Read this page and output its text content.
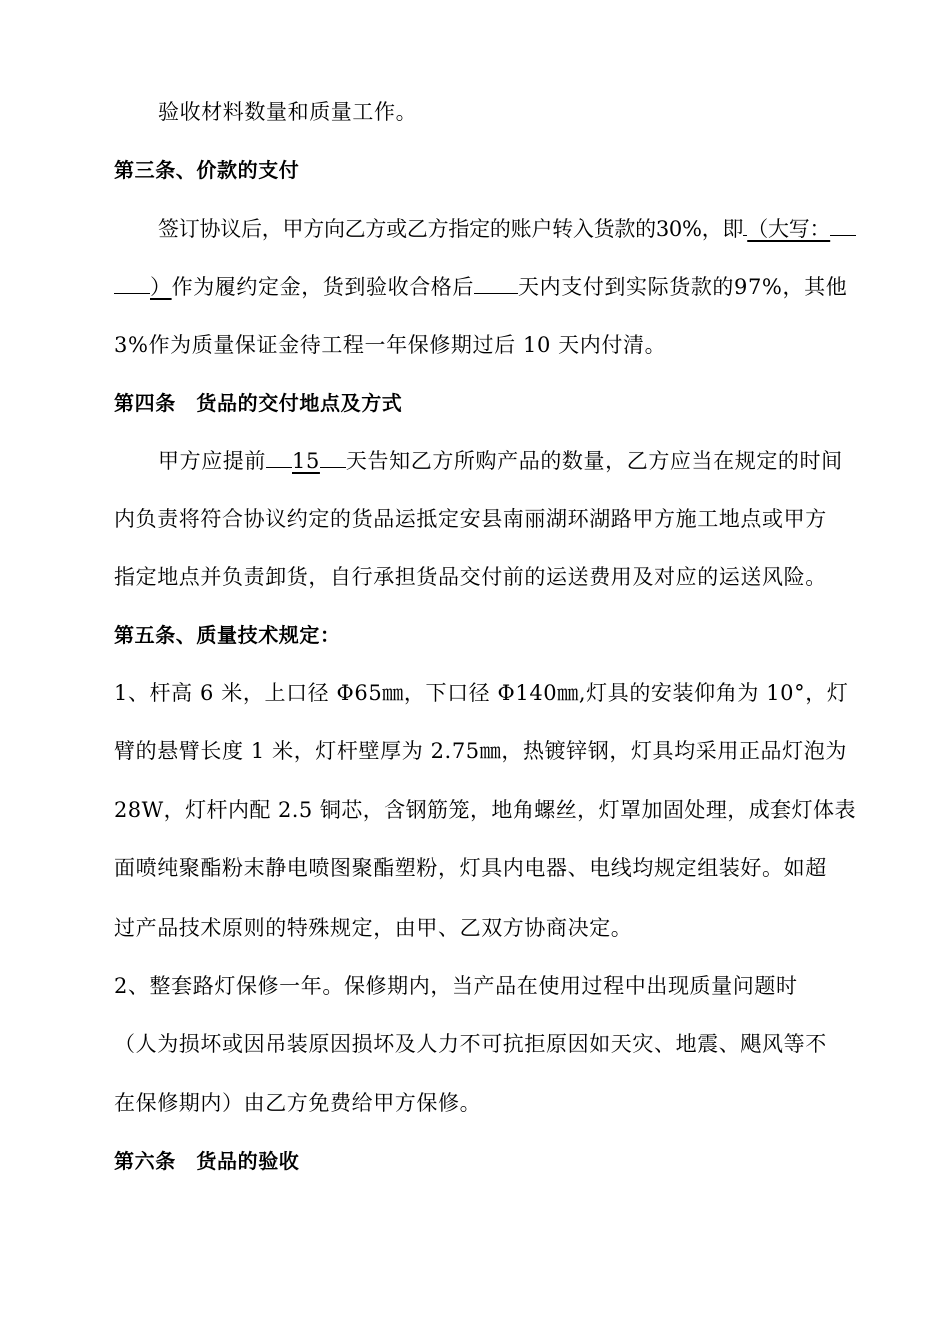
验收材料数量和质量工作。
第三条、价款的支付
签订协议后，甲方向乙方或乙方指定的账户转入货款的30%，即 （大写：
）作为履约定金，货到验收合格后 天内支付到实际货款的97%，其他
3%作为质量保证金待工程一年保修期过后 10 天内付清。
第四条　货品的交付地点及方式
甲方应提前 15 天告知乙方所购产品的数量，乙方应当在规定的时间
内负责将符合协议约定的货品运抵定安县南丽湖环湖路甲方施工地点或甲方
指定地点并负责卸货，自行承担货品交付前的运送费用及对应的运送风险。
第五条、质量技术规定：
1、杆高 6 米，上口径 Φ65㎜，下口径 Φ140㎜,灯具的安装仰角为 10°，灯
臂的悬臂长度 1 米，灯杆壁厚为 2.75㎜，热镀锌钢，灯具均采用正品灯泡为
28W，灯杆内配 2.5 铜芯，含钢筋笼，地角螺丝，灯罩加固处理，成套灯体表
面喷纯聚酯粉末静电喷图聚酯塑粉，灯具内电器、电线均规定组装好。如超
过产品技术原则的特殊规定，由甲、乙双方协商决定。
2、整套路灯保修一年。保修期内，当产品在使用过程中出现质量问题时
（人为损坏或因吊装原因损坏及人力不可抗拒原因如天灾、地震、飓风等不
在保修期内）由乙方免费给甲方保修。
第六条　货品的验收
